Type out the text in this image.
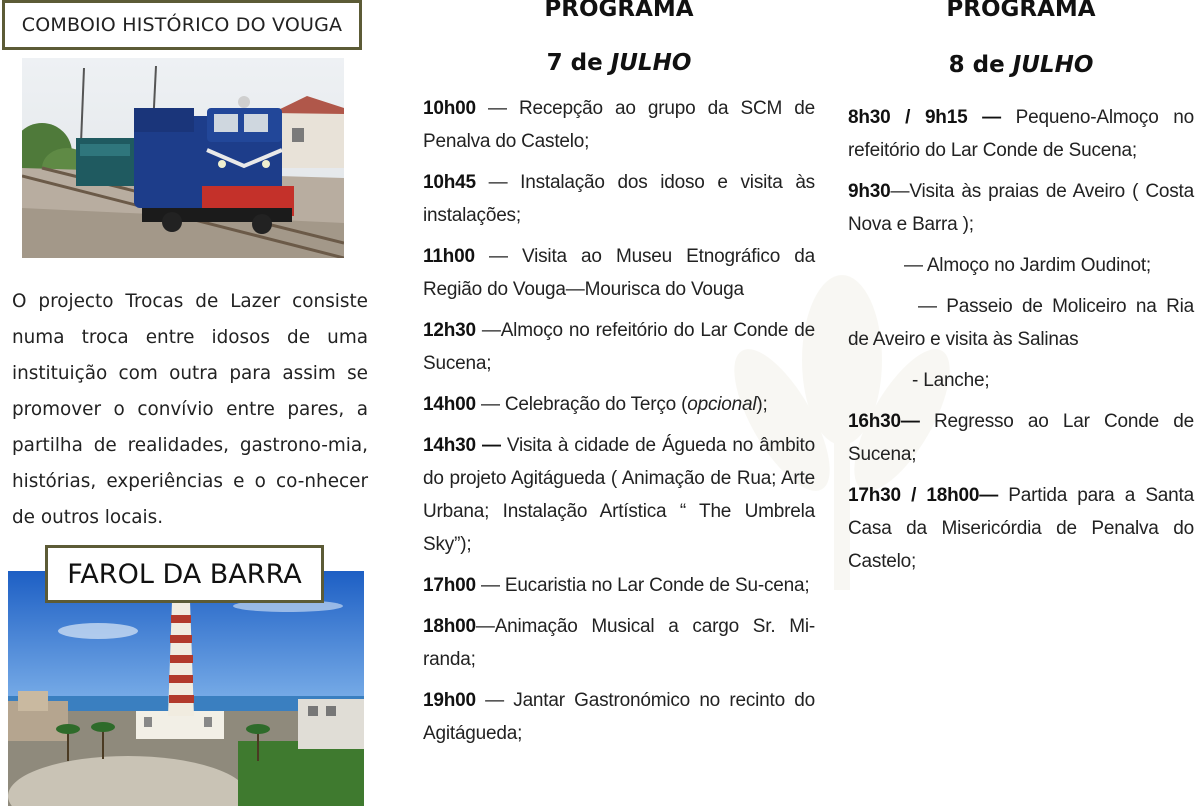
COMBOIO HISTÓRICO DO VOUGA
O projecto Trocas de Lazer consiste numa troca entre idosos de uma instituição com outra para assim se promover o convívio entre pares, a partilha de realidades, gastrono-mia, histórias, experiências e o co-nhecer de outros locais.
FAROL DA BARRA
PROGRAMA
7 de JULHO

10h00 — Recepção ao grupo da SCM de Penalva do Castelo;

10h45 — Instalação dos idoso e visita às instalações;

11h00 — Visita ao Museu Etnográfico da Região do Vouga—Mourisca do Vouga

12h30 —Almoço no refeitório do Lar Conde de Sucena;

14h00 — Celebração do Terço (opcional);

14h30 — Visita à cidade de Águeda no âmbito do projeto Agitágueda ( Animação de Rua; Arte Urbana; Instalação Artística “ The Umbrela Sky”);

17h00 — Eucaristia no Lar Conde de Su-cena;

18h00—Animação Musical a cargo Sr. Mi-randa;

19h00 — Jantar Gastronómico no recinto do Agitágueda;

PROGRAMA
8 de JULHO

8h30 / 9h15 — Pequeno-Almoço no refeitório do Lar Conde de Sucena;

9h30—Visita às praias de Aveiro ( Costa Nova e Barra );

— Almoço no Jardim Oudinot;

— Passeio de Moliceiro na Ria de Aveiro e visita às Salinas

- Lanche;

16h30— Regresso ao Lar Conde de Sucena;

17h30 / 18h00— Partida para a Santa Casa da Misericórdia de Penalva do Castelo;
